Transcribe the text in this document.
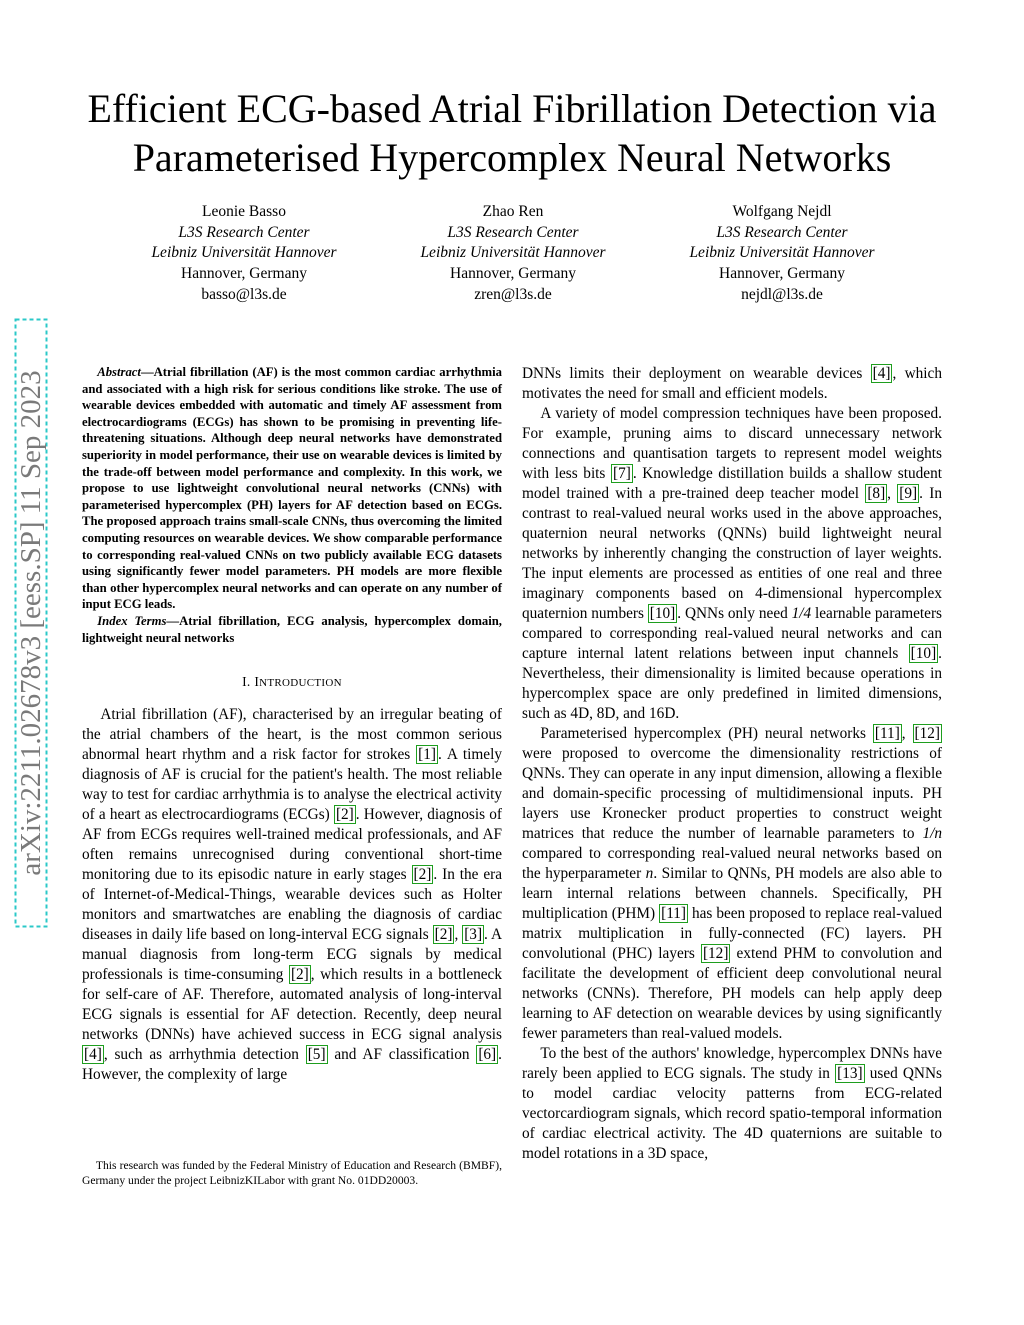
arXiv:2211.02678v3 [eess.SP] 11 Sep 2023
Efficient ECG-based Atrial Fibrillation Detection via Parameterised Hypercomplex Neural Networks
Leonie Basso
L3S Research Center
Leibniz Universität Hannover
Hannover, Germany
basso@l3s.de
Zhao Ren
L3S Research Center
Leibniz Universität Hannover
Hannover, Germany
zren@l3s.de
Wolfgang Nejdl
L3S Research Center
Leibniz Universität Hannover
Hannover, Germany
nejdl@l3s.de

Abstract—Atrial fibrillation (AF) is the most common cardiac arrhythmia and associated with a high risk for serious conditions like stroke. The use of wearable devices embedded with automatic and timely AF assessment from electrocardiograms (ECGs) has shown to be promising in preventing life-threatening situations. Although deep neural networks have demonstrated superiority in model performance, their use on wearable devices is limited by the trade-off between model performance and complexity. In this work, we propose to use lightweight convolutional neural networks (CNNs) with parameterised hypercomplex (PH) layers for AF detection based on ECGs. The proposed approach trains small-scale CNNs, thus overcoming the limited computing resources on wearable devices. We show comparable performance to corresponding real-valued CNNs on two publicly available ECG datasets using significantly fewer model parameters. PH models are more flexible than other hypercomplex neural networks and can operate on any number of input ECG leads.

Index Terms—Atrial fibrillation, ECG analysis, hypercomplex domain, lightweight neural networks

I. INTRODUCTION

Atrial fibrillation (AF), characterised by an irregular beating of the atrial chambers of the heart, is the most common serious abnormal heart rhythm and a risk factor for strokes [1] . A timely diagnosis of AF is crucial for the patient's health. The most reliable way to test for cardiac arrhythmia is to analyse the electrical activity of a heart as electrocardiograms (ECGs) [2] . However, diagnosis of AF from ECGs requires well-trained medical professionals, and AF often remains unrecognised during conventional short-time monitoring due to its episodic nature in early stages [2] . In the era of Internet-of-Medical-Things, wearable devices such as Holter monitors and smartwatches are enabling the diagnosis of cardiac diseases in daily life based on long-interval ECG signals [2] , [3] . A manual diagnosis from long-term ECG signals by medical professionals is time-consuming [2] , which results in a bottleneck for self-care of AF. Therefore, automated analysis of long-interval ECG signals is essential for AF detection. Recently, deep neural networks (DNNs) have achieved success in ECG signal analysis [4] , such as arrhythmia detection [5] and AF classification [6] . However, the complexity of large

This research was funded by the Federal Ministry of Education and Research (BMBF), Germany under the project LeibnizKILabor with grant No. 01DD20003.

DNNs limits their deployment on wearable devices [4] , which motivates the need for small and efficient models.

A variety of model compression techniques have been proposed. For example, pruning aims to discard unnecessary network connections and quantisation targets to represent model weights with less bits [7] . Knowledge distillation builds a shallow student model trained with a pre-trained deep teacher model [8] , [9] . In contrast to real-valued neural works used in the above approaches, quaternion neural networks (QNNs) build lightweight neural networks by inherently changing the construction of layer weights. The input elements are processed as entities of one real and three imaginary components based on 4-dimensional hypercomplex quaternion numbers [10] . QNNs only need 1/4 learnable parameters compared to corresponding real-valued neural networks and can capture internal latent relations between input channels [10] . Nevertheless, their dimensionality is limited because operations in hypercomplex space are only predefined in limited dimensions, such as 4D, 8D, and 16D.

Parameterised hypercomplex (PH) neural networks [11] , [12] were proposed to overcome the dimensionality restrictions of QNNs. They can operate in any input dimension, allowing a flexible and domain-specific processing of multidimensional inputs. PH layers use Kronecker product properties to construct weight matrices that reduce the number of learnable parameters to 1/n compared to corresponding real-valued neural networks based on the hyperparameter n. Similar to QNNs, PH models are also able to learn internal relations between channels. Specifically, PH multiplication (PHM) [11] has been proposed to replace real-valued matrix multiplication in fully-connected (FC) layers. PH convolutional (PHC) layers [12] extend PHM to convolution and facilitate the development of efficient deep convolutional neural networks (CNNs). Therefore, PH models can help apply deep learning to AF detection on wearable devices by using significantly fewer parameters than real-valued models.

To the best of the authors' knowledge, hypercomplex DNNs have rarely been applied to ECG signals. The study in [13] used QNNs to model cardiac velocity patterns from ECG-related vectorcardiogram signals, which record spatio-temporal information of cardiac electrical activity. The 4D quaternions are suitable to model rotations in a 3D space,
